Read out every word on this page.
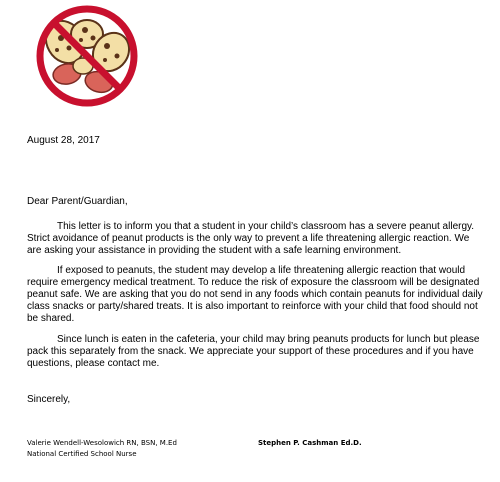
August 28, 2017
Dear Parent/Guardian,

This letter is to inform you that a student in your child’s classroom has a severe peanut allergy. Strict avoidance of peanut products is the only way to prevent a life threatening allergic reaction. We are asking your assistance in providing the student with a safe learning environment.

If exposed to peanuts, the student may develop a life threatening allergic reaction that would require emergency medical treatment. To reduce the risk of exposure the classroom will be designated peanut safe. We are asking that you do not send in any foods which contain peanuts for individual daily class snacks or party/shared treats. It is also important to reinforce with your child that food should not be shared.

Since lunch is eaten in the cafeteria, your child may bring peanuts products for lunch but please pack this separately from the snack. We appreciate your support of these procedures and if you have questions, please contact me.

Sincerely,
Valerie Wendell-Wesolowich RN, BSN, M.Ed
National Certified School Nurse
Stephen P. Cashman Ed.D.
